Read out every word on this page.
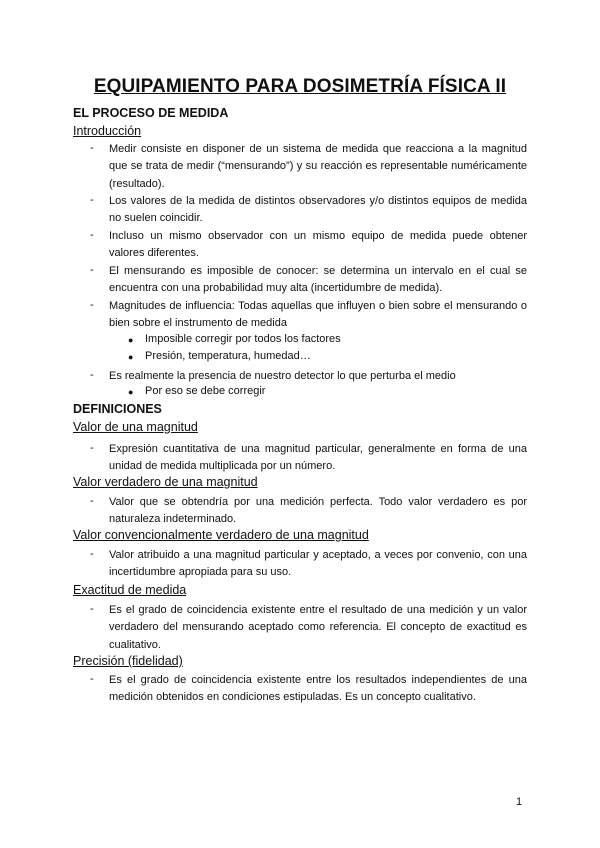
EQUIPAMIENTO PARA DOSIMETRÍA FÍSICA II
EL PROCESO DE MEDIDA
Introducción
- Medir consiste en disponer de un sistema de medida que reacciona a la magnitud que se trata de medir (“mensurando”) y su reacción es representable numéricamente (resultado).
- Los valores de la medida de distintos observadores y/o distintos equipos de medida no suelen coincidir.
- Incluso un mismo observador con un mismo equipo de medida puede obtener valores diferentes.
- El mensurando es imposible de conocer: se determina un intervalo en el cual se encuentra con una probabilidad muy alta (incertidumbre de medida).
- Magnitudes de influencia: Todas aquellas que influyen o bien sobre el mensurando o bien sobre el instrumento de medida
● Imposible corregir por todos los factores
● Presión, temperatura, humedad…
- Es realmente la presencia de nuestro detector lo que perturba el medio
● Por eso se debe corregir
DEFINICIONES
Valor de una magnitud
- Expresión cuantitativa de una magnitud particular, generalmente en forma de una unidad de medida multiplicada por un número.
Valor verdadero de una magnitud
- Valor que se obtendría por una medición perfecta. Todo valor verdadero es por naturaleza indeterminado.
Valor convencionalmente verdadero de una magnitud
- Valor atribuido a una magnitud particular y aceptado, a veces por convenio, con una incertidumbre apropiada para su uso.
Exactitud de medida
- Es el grado de coincidencia existente entre el resultado de una medición y un valor verdadero del mensurando aceptado como referencia. El concepto de exactitud es cualitativo.
Precisión (fidelidad)
- Es el grado de coincidencia existente entre los resultados independientes de una medición obtenidos en condiciones estipuladas. Es un concepto cualitativo.
1
